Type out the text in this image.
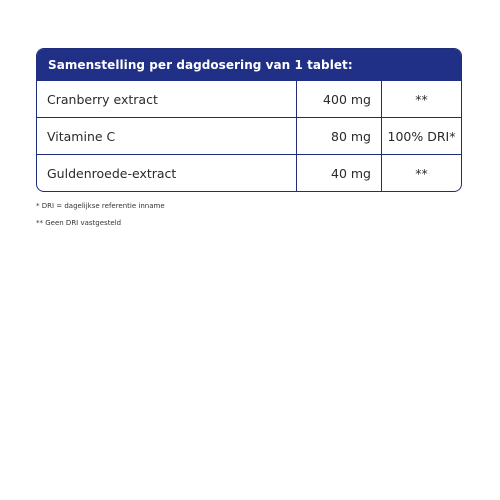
Samenstelling per dagdosering van 1 tablet:
Cranberry extract	400 mg	**
Vitamine C	80 mg	100% DRI*
Guldenroede-extract	40 mg	**

* DRI = dagelijkse referentie inname

** Geen DRI vastgesteld
